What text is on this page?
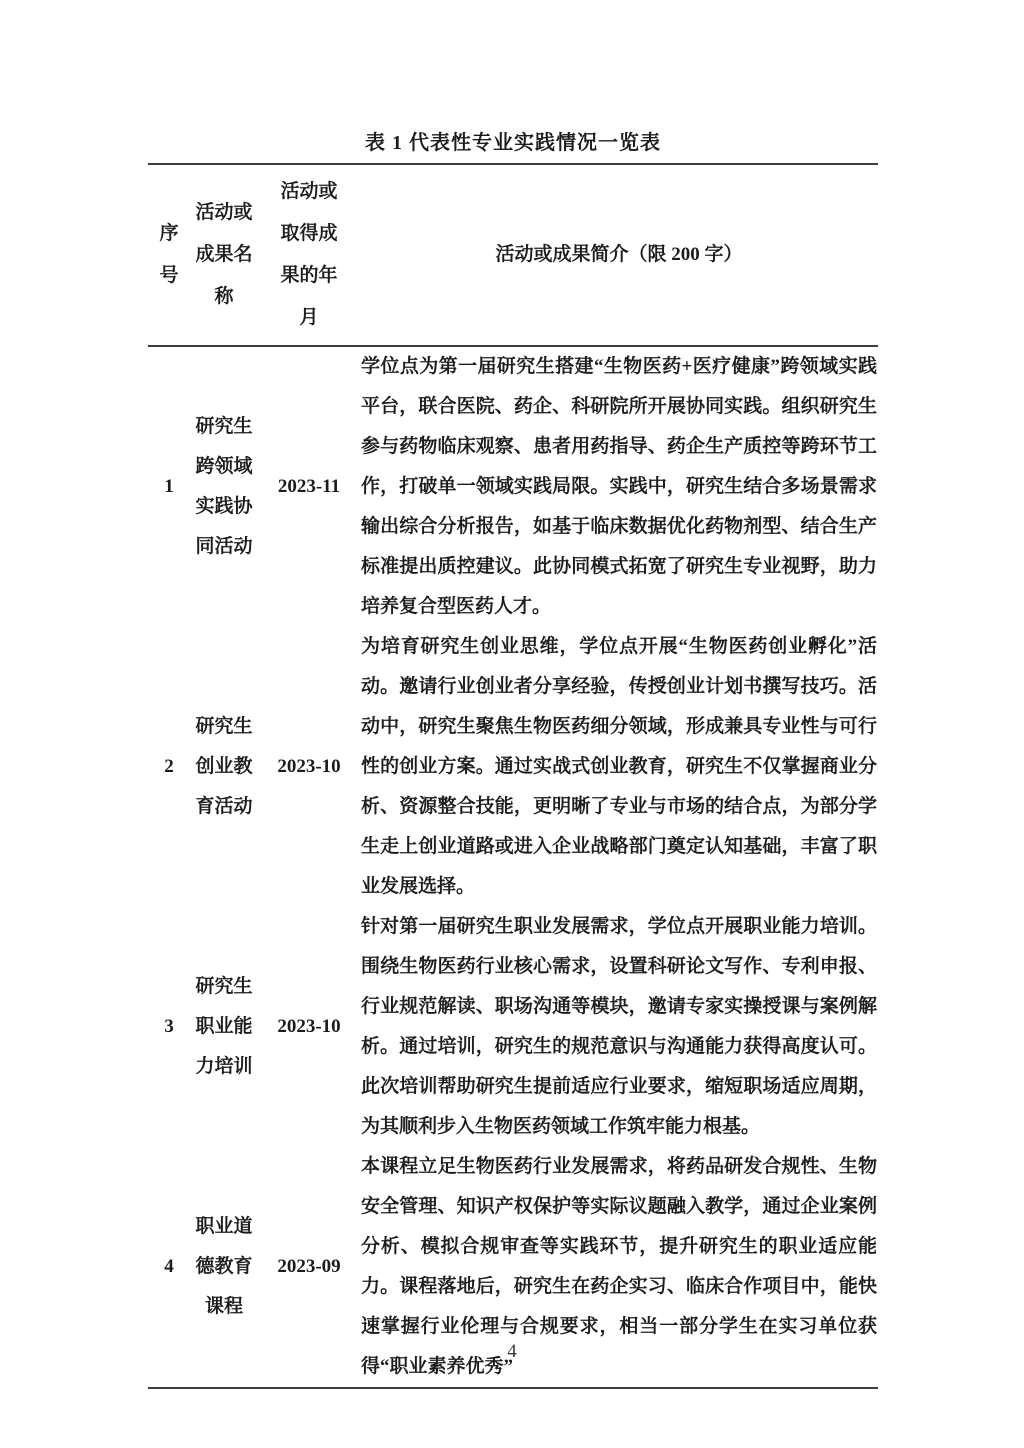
表 1 代表性专业实践情况一览表
序号	活动或成果名称	活动或取得成果的年月	活动或成果简介（限 200 字）
1	研究生跨领域实践协同活动	2023-11	学位点为第一届研究生搭建“生物医药+医疗健康”跨领域实践平台，联合医院、药企、科研院所开展协同实践。组织研究生参与药物临床观察、患者用药指导、药企生产质控等跨环节工作，打破单一领域实践局限。实践中，研究生结合多场景需求输出综合分析报告，如基于临床数据优化药物剂型、结合生产标准提出质控建议。此协同模式拓宽了研究生专业视野，助力培养复合型医药人才。
2	研究生创业教育活动	2023-10	为培育研究生创业思维，学位点开展“生物医药创业孵化”活动。邀请行业创业者分享经验，传授创业计划书撰写技巧。活动中，研究生聚焦生物医药细分领域，形成兼具专业性与可行性的创业方案。通过实战式创业教育，研究生不仅掌握商业分析、资源整合技能，更明晰了专业与市场的结合点，为部分学生走上创业道路或进入企业战略部门奠定认知基础，丰富了职业发展选择。
3	研究生职业能力培训	2023-10	针对第一届研究生职业发展需求，学位点开展职业能力培训。围绕生物医药行业核心需求，设置科研论文写作、专利申报、行业规范解读、职场沟通等模块，邀请专家实操授课与案例解析。通过培训，研究生的规范意识与沟通能力获得高度认可。此次培训帮助研究生提前适应行业要求，缩短职场适应周期，为其顺利步入生物医药领域工作筑牢能力根基。
4	职业道德教育课程	2023-09	本课程立足生物医药行业发展需求，将药品研发合规性、生物安全管理、知识产权保护等实际议题融入教学，通过企业案例分析、模拟合规审查等实践环节，提升研究生的职业适应能力。课程落地后，研究生在药企实习、临床合作项目中，能快速掌握行业伦理与合规要求，相当一部分学生在实习单位获得“职业素养优秀”
4
